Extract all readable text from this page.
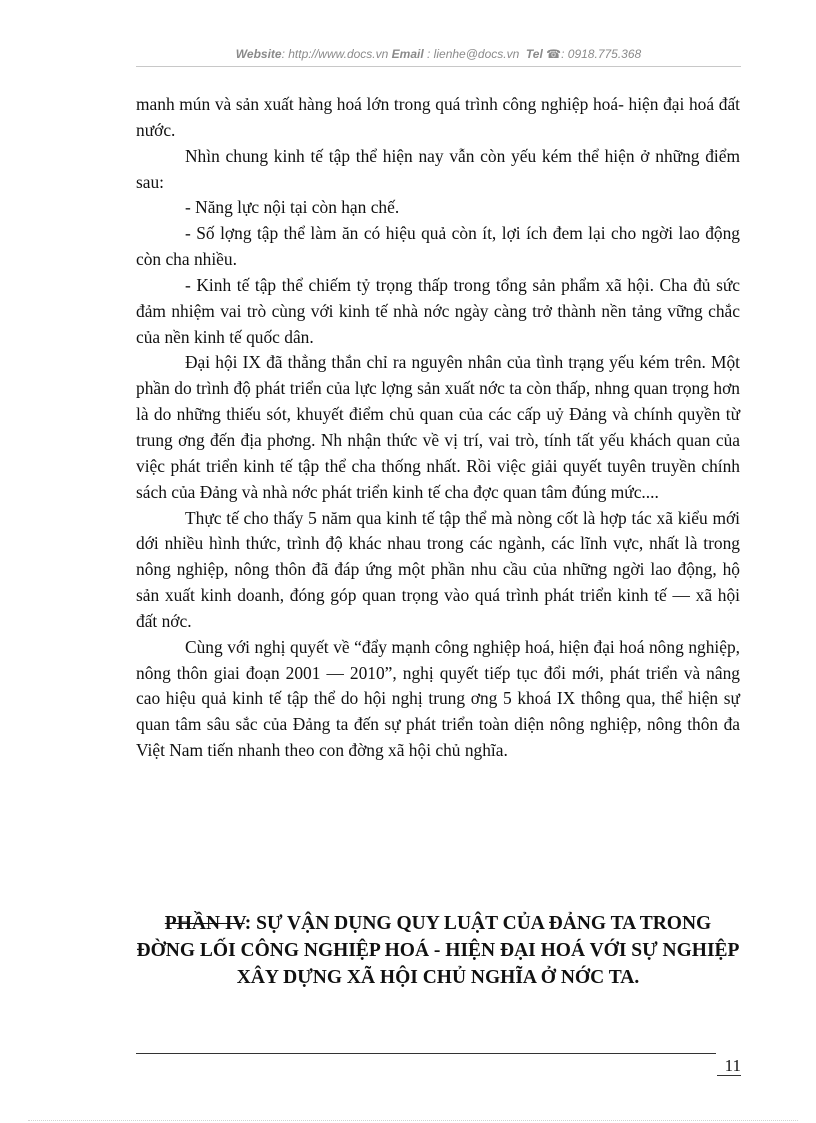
Website: http://www.docs.vn Email : lienhe@docs.vn Tel ☎: 0918.775.368

manh mún và sản xuất hàng hoá lớn trong quá trình công nghiệp hoá- hiện đại hoá đất nước.

Nhìn chung kinh tế tập thể hiện nay vẫn còn yếu kém thể hiện ở những điểm sau:

- Năng lực nội tại còn hạn chế.

- Số lợng tập thể làm ăn có hiệu quả còn ít, lợi ích đem lại cho ngời lao động còn cha nhiều.

- Kinh tế tập thể chiếm tỷ trọng thấp trong tổng sản phẩm xã hội. Cha đủ sức đảm nhiệm vai trò cùng với kinh tế nhà nớc ngày càng trở thành nền tảng vững chắc của nền kinh tế quốc dân.

Đại hội IX đã thẳng thắn chỉ ra nguyên nhân của tình trạng yếu kém trên. Một phần do trình độ phát triển của lực lợng sản xuất nớc ta còn thấp, nhng quan trọng hơn là do những thiếu sót, khuyết điểm chủ quan của các cấp uỷ Đảng và chính quyền từ trung ơng đến địa phơng. Nh nhận thức về vị trí, vai trò, tính tất yếu khách quan của việc phát triển kinh tế tập thể cha thống nhất. Rồi việc giải quyết tuyên truyền chính sách của Đảng và nhà nớc phát triển kinh tế cha đợc quan tâm đúng mức....

Thực tế cho thấy 5 năm qua kinh tế tập thể mà nòng cốt là hợp tác xã kiểu mới dới nhiều hình thức, trình độ khác nhau trong các ngành, các lĩnh vực, nhất là trong nông nghiệp, nông thôn đã đáp ứng một phần nhu cầu của những ngời lao động, hộ sản xuất kinh doanh, đóng góp quan trọng vào quá trình phát triển kinh tế — xã hội đất nớc.

Cùng với nghị quyết về “đẩy mạnh công nghiệp hoá, hiện đại hoá nông nghiệp, nông thôn giai đoạn 2001 — 2010”, nghị quyết tiếp tục đổi mới, phát triển và nâng cao hiệu quả kinh tế tập thể do hội nghị trung ơng 5 khoá IX thông qua, thể hiện sự quan tâm sâu sắc của Đảng ta đến sự phát triển toàn diện nông nghiệp, nông thôn đa Việt Nam tiến nhanh theo con đờng xã hội chủ nghĩa.

PHẦN IV: SỰ VẬN DỤNG QUY LUẬT CỦA ĐẢNG TA TRONG ĐỜNG LỐI CÔNG NGHIỆP HOÁ - HIỆN ĐẠI HOÁ VỚI SỰ NGHIỆP XÂY DỰNG XÃ HỘI CHỦ NGHĨA Ở NỚC TA.
11
